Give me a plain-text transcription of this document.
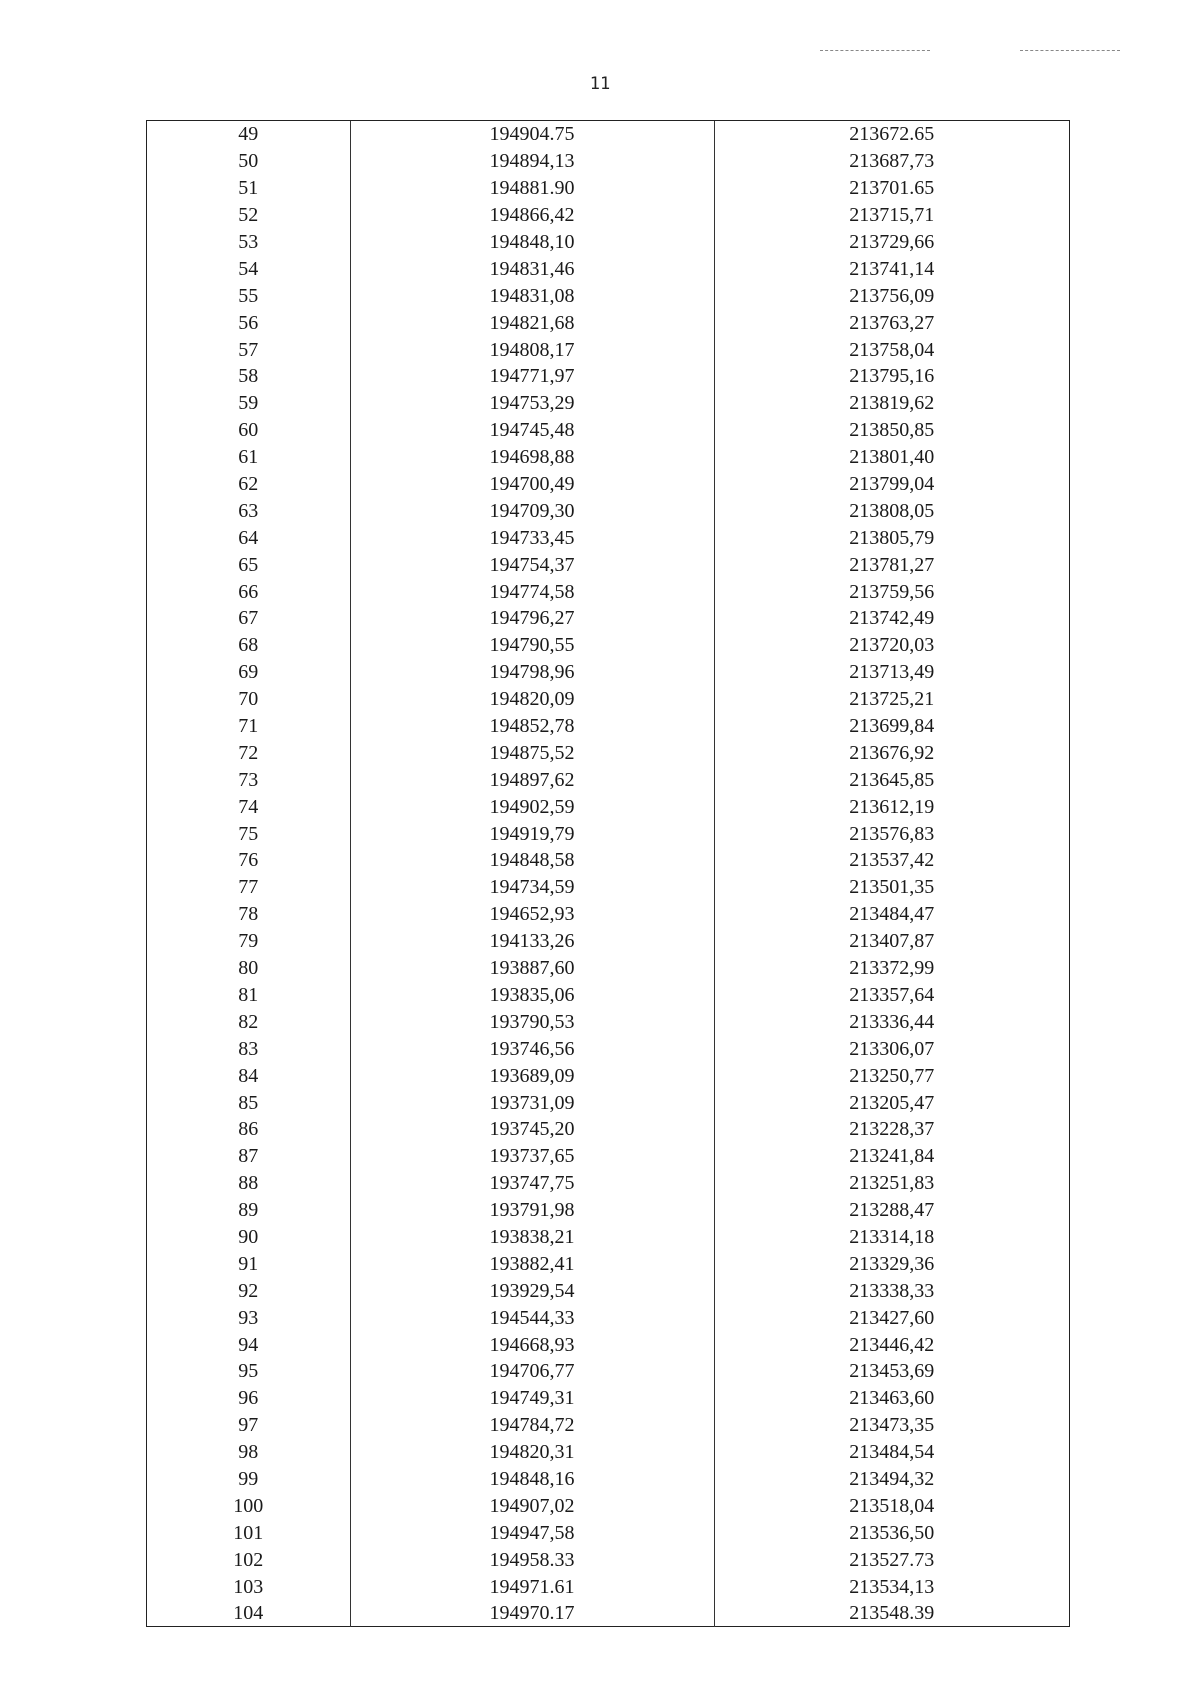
11
49	194904.75	213672.65
50	194894,13	213687,73
51	194881.90	213701.65
52	194866,42	213715,71
53	194848,10	213729,66
54	194831,46	213741,14
55	194831,08	213756,09
56	194821,68	213763,27
57	194808,17	213758,04
58	194771,97	213795,16
59	194753,29	213819,62
60	194745,48	213850,85
61	194698,88	213801,40
62	194700,49	213799,04
63	194709,30	213808,05
64	194733,45	213805,79
65	194754,37	213781,27
66	194774,58	213759,56
67	194796,27	213742,49
68	194790,55	213720,03
69	194798,96	213713,49
70	194820,09	213725,21
71	194852,78	213699,84
72	194875,52	213676,92
73	194897,62	213645,85
74	194902,59	213612,19
75	194919,79	213576,83
76	194848,58	213537,42
77	194734,59	213501,35
78	194652,93	213484,47
79	194133,26	213407,87
80	193887,60	213372,99
81	193835,06	213357,64
82	193790,53	213336,44
83	193746,56	213306,07
84	193689,09	213250,77
85	193731,09	213205,47
86	193745,20	213228,37
87	193737,65	213241,84
88	193747,75	213251,83
89	193791,98	213288,47
90	193838,21	213314,18
91	193882,41	213329,36
92	193929,54	213338,33
93	194544,33	213427,60
94	194668,93	213446,42
95	194706,77	213453,69
96	194749,31	213463,60
97	194784,72	213473,35
98	194820,31	213484,54
99	194848,16	213494,32
100	194907,02	213518,04
101	194947,58	213536,50
102	194958.33	213527.73
103	194971.61	213534,13
104	194970.17	213548.39
